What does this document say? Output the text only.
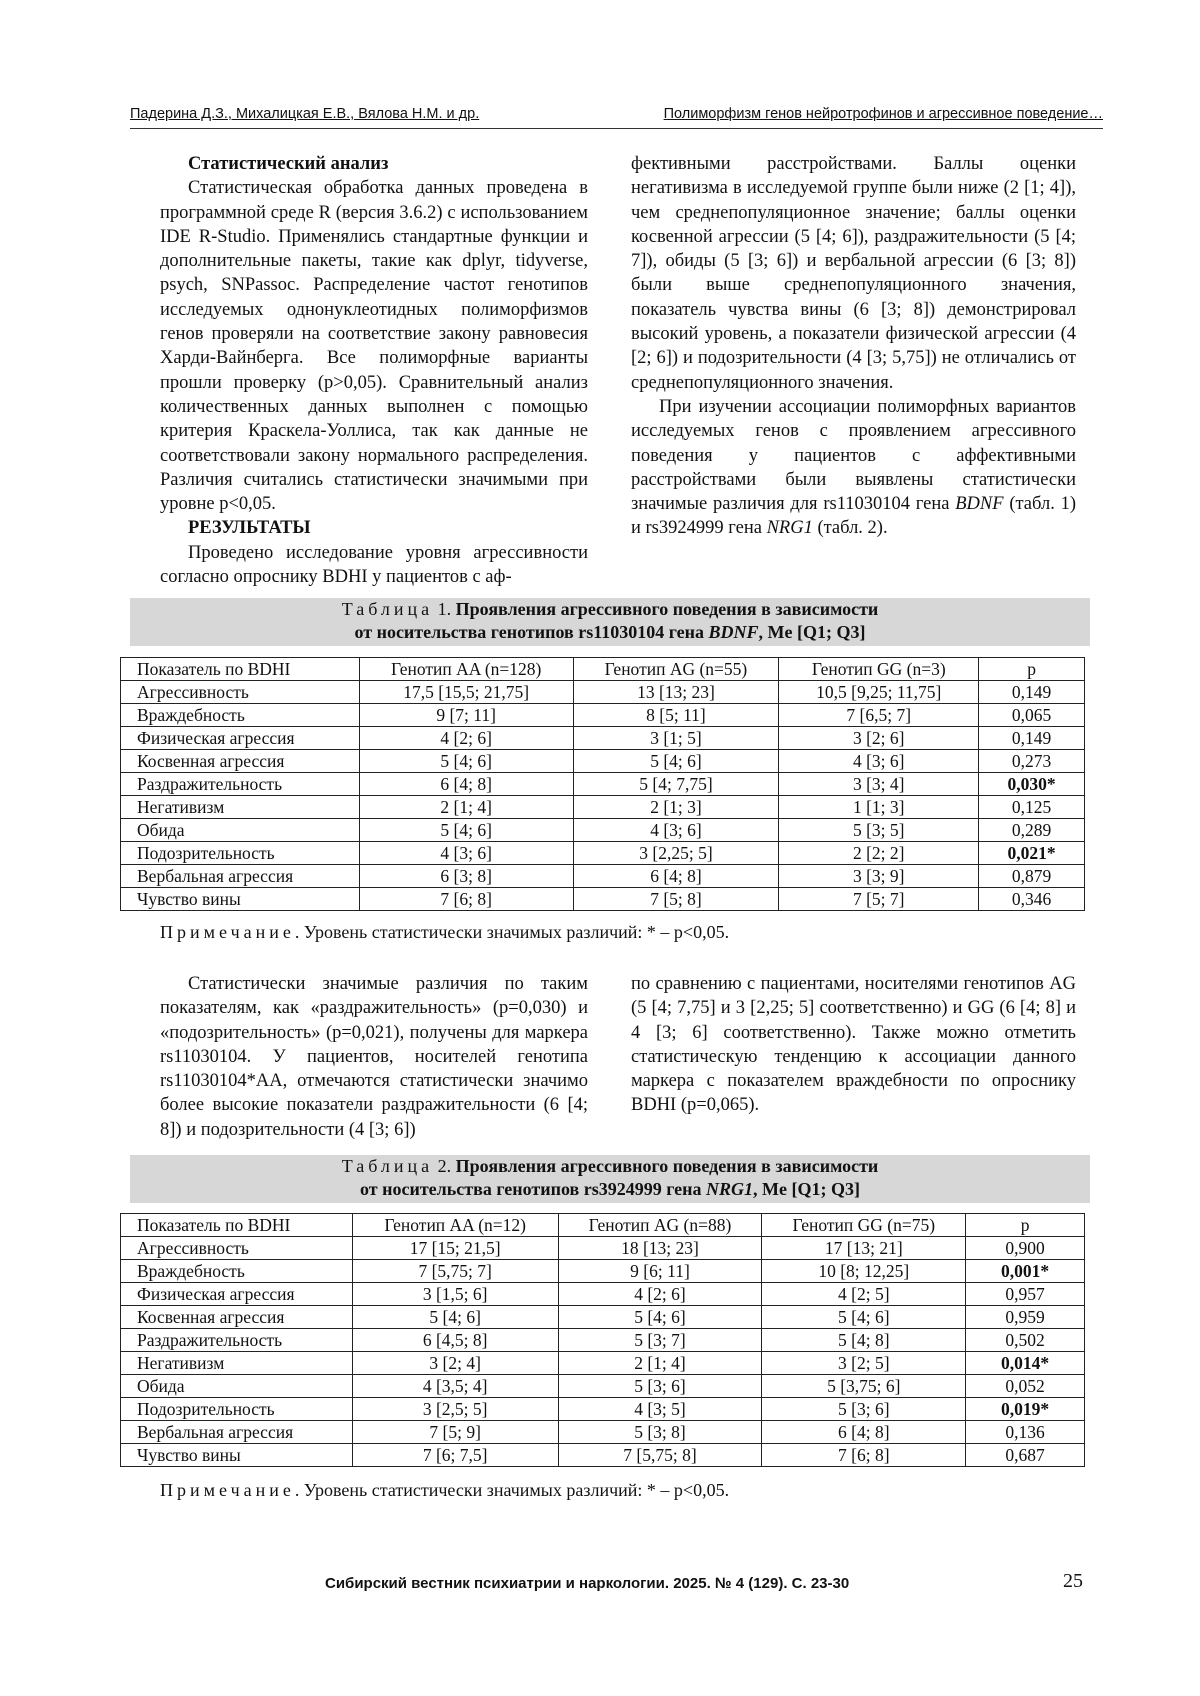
Падерина Д.З., Михалицкая Е.В., Вялова Н.М. и др.	Полиморфизм генов нейротрофинов и агрессивное поведение…
Статистический анализ

Статистическая обработка данных проведена в программной среде R (версия 3.6.2) с использованием IDE R-Studio. Применялись стандартные функции и дополнительные пакеты, такие как dplyr, tidyverse, psych, SNPassoc. Распределение частот генотипов исследуемых однонуклеотидных полиморфизмов генов проверяли на соответствие закону равновесия Харди-Вайнберга. Все полиморфные варианты прошли проверку (p>0,05). Сравнительный анализ количественных данных выполнен с помощью критерия Краскела-Уоллиса, так как данные не соответствовали закону нормального распределения. Различия считались статистически значимыми при уровне p<0,05.

РЕЗУЛЬТАТЫ

Проведено исследование уровня агрессивности согласно опроснику BDHI у пациентов с аф-

фективными расстройствами. Баллы оценки негативизма в исследуемой группе были ниже (2 [1; 4]), чем среднепопуляционное значение; баллы оценки косвенной агрессии (5 [4; 6]), раздражительности (5 [4; 7]), обиды (5 [3; 6]) и вербальной агрессии (6 [3; 8]) были выше среднепопуляционного значения, показатель чувства вины (6 [3; 8]) демонстрировал высокий уровень, а показатели физической агрессии (4 [2; 6]) и подозрительности (4 [3; 5,75]) не отличались от среднепопуляционного значения.

При изучении ассоциации полиморфных вариантов исследуемых генов с проявлением агрессивного поведения у пациентов с аффективными расстройствами были выявлены статистически значимые различия для rs11030104 гена BDNF (табл. 1) и rs3924999 гена NRG1 (табл. 2).

Таблица 1. Проявления агрессивного поведения в зависимости
от носительства генотипов rs11030104 гена BDNF, Me [Q1; Q3]
Показатель по BDHI	Генотип AA (n=128)	Генотип AG (n=55)	Генотип GG (n=3)	p
Агрессивность	17,5 [15,5; 21,75]	13 [13; 23]	10,5 [9,25; 11,75]	0,149
Враждебность	9 [7; 11]	8 [5; 11]	7 [6,5; 7]	0,065
Физическая агрессия	4 [2; 6]	3 [1; 5]	3 [2; 6]	0,149
Косвенная агрессия	5 [4; 6]	5 [4; 6]	4 [3; 6]	0,273
Раздражительность	6 [4; 8]	5 [4; 7,75]	3 [3; 4]	0,030*
Негативизм	2 [1; 4]	2 [1; 3]	1 [1; 3]	0,125
Обида	5 [4; 6]	4 [3; 6]	5 [3; 5]	0,289
Подозрительность	4 [3; 6]	3 [2,25; 5]	2 [2; 2]	0,021*
Вербальная агрессия	6 [3; 8]	6 [4; 8]	3 [3; 9]	0,879
Чувство вины	7 [6; 8]	7 [5; 8]	7 [5; 7]	0,346
Примечание. Уровень статистически значимых различий: * – p<0,05.

Статистически значимые различия по таким показателям, как «раздражительность» (p=0,030) и «подозрительность» (p=0,021), получены для маркера rs11030104. У пациентов, носителей генотипа rs11030104*AA, отмечаются статистически значимо более высокие показатели раздражительности (6 [4; 8]) и подозрительности (4 [3; 6])

по сравнению с пациентами, носителями генотипов AG (5 [4; 7,75] и 3 [2,25; 5] соответственно) и GG (6 [4; 8] и 4 [3; 6] соответственно). Также можно отметить статистическую тенденцию к ассоциации данного маркера с показателем враждебности по опроснику BDHI (p=0,065).

Таблица 2. Проявления агрессивного поведения в зависимости
от носительства генотипов rs3924999 гена NRG1, Me [Q1; Q3]
Показатель по BDHI	Генотип AA (n=12)	Генотип AG (n=88)	Генотип GG (n=75)	p
Агрессивность	17 [15; 21,5]	18 [13; 23]	17 [13; 21]	0,900
Враждебность	7 [5,75; 7]	9 [6; 11]	10 [8; 12,25]	0,001*
Физическая агрессия	3 [1,5; 6]	4 [2; 6]	4 [2; 5]	0,957
Косвенная агрессия	5 [4; 6]	5 [4; 6]	5 [4; 6]	0,959
Раздражительность	6 [4,5; 8]	5 [3; 7]	5 [4; 8]	0,502
Негативизм	3 [2; 4]	2 [1; 4]	3 [2; 5]	0,014*
Обида	4 [3,5; 4]	5 [3; 6]	5 [3,75; 6]	0,052
Подозрительность	3 [2,5; 5]	4 [3; 5]	5 [3; 6]	0,019*
Вербальная агрессия	7 [5; 9]	5 [3; 8]	6 [4; 8]	0,136
Чувство вины	7 [6; 7,5]	7 [5,75; 8]	7 [6; 8]	0,687
Примечание. Уровень статистически значимых различий: * – p<0,05.
Сибирский вестник психиатрии и наркологии. 2025. № 4 (129). С. 23-30	25
